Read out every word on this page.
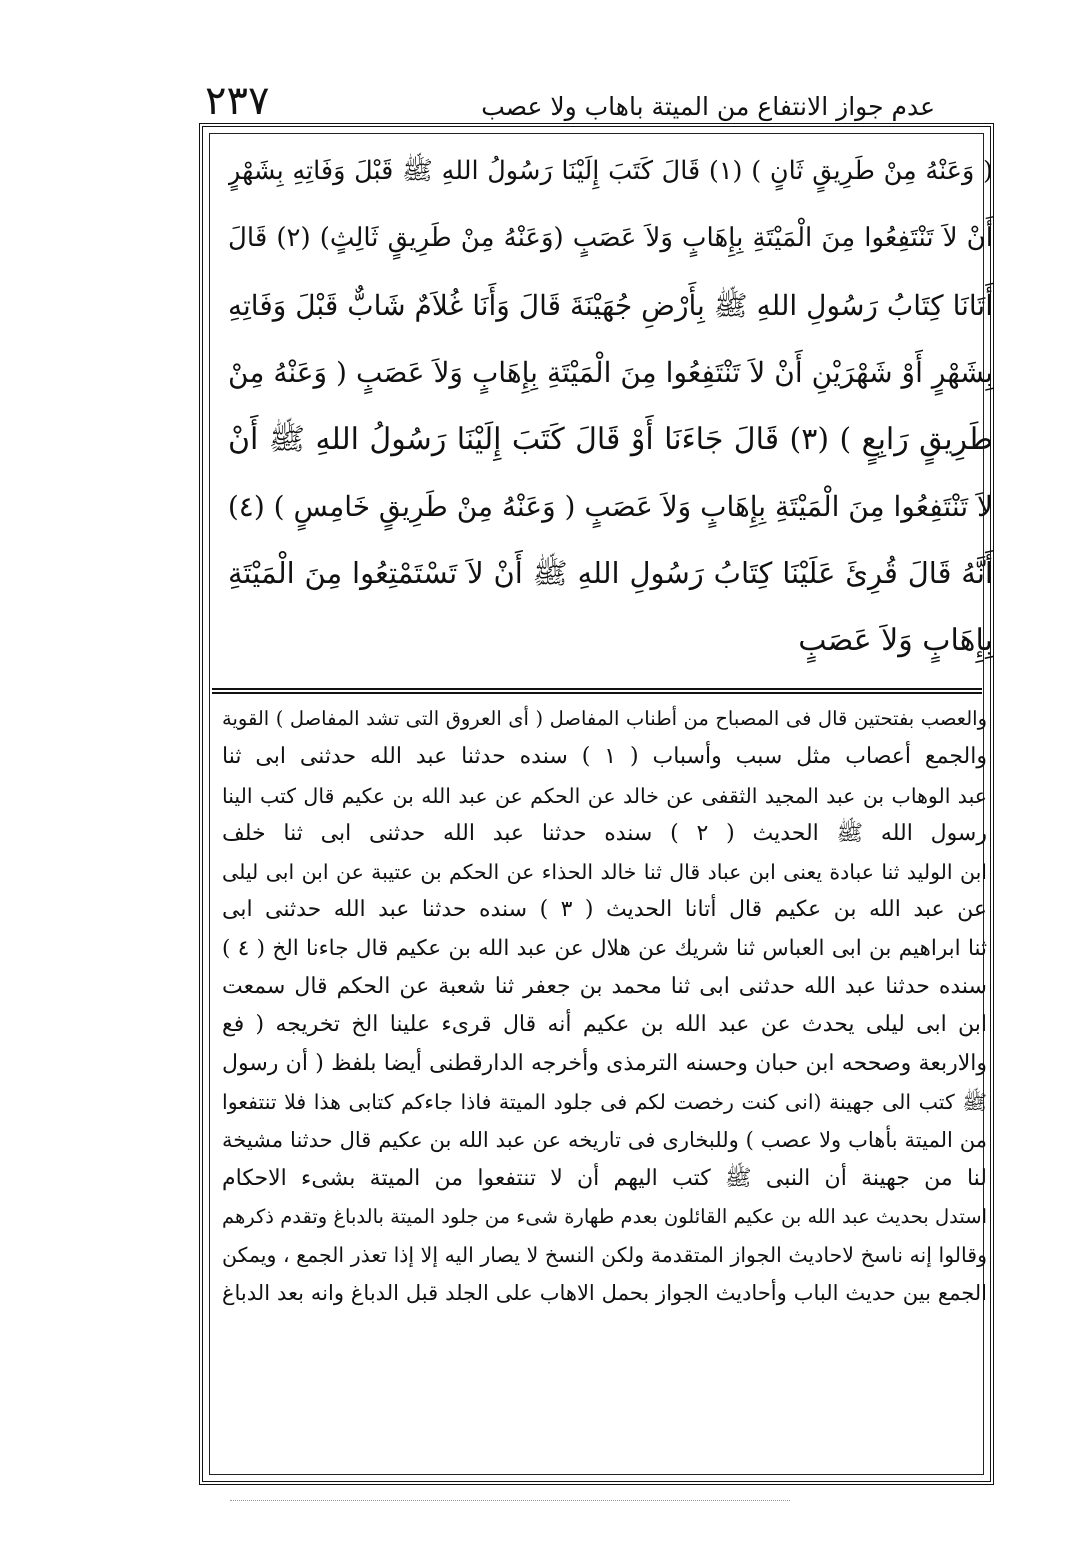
عدم جواز الانتفاع من الميتة باهاب ولا عصب
٢٣٧
( وَعَنْهُ مِنْ طَرِيقٍ ثَانٍ ) (١) قَالَ كَتَبَ إِلَيْنَا رَسُولُ اللهِ ﷺ قَبْلَ وَفَاتِهِ بِشَهْرٍ
أَنْ لاَ تَنْتَفِعُوا مِنَ الْمَيْتَةِ بِإِهَابٍ وَلاَ عَصَبٍ (وَعَنْهُ مِنْ طَرِيقٍ ثَالِثٍ) (٢) قَالَ
أَتَانَا كِتَابُ رَسُولِ اللهِ ﷺ بِأَرْضِ جُهَيْنَةَ قَالَ وَأَنَا غُلاَمٌ شَابٌّ قَبْلَ وَفَاتِهِ
بِشَهْرٍ أَوْ شَهْرَيْنِ أَنْ لاَ تَنْتَفِعُوا مِنَ الْمَيْتَةِ بِإِهَابٍ وَلاَ عَصَبٍ ( وَعَنْهُ مِنْ
طَرِيقٍ رَابِعٍ ) (٣) قَالَ جَاءَنَا أَوْ قَالَ كَتَبَ إِلَيْنَا رَسُولُ اللهِ ﷺ أَنْ
لاَ تَنْتَفِعُوا مِنَ الْمَيْتَةِ بِإِهَابٍ وَلاَ عَصَبٍ ( وَعَنْهُ مِنْ طَرِيقٍ خَامِسٍ ) (٤)
أَنَّهُ قَالَ قُرِئَ عَلَيْنَا كِتَابُ رَسُولِ اللهِ ﷺ أَنْ لاَ تَسْتَمْتِعُوا مِنَ الْمَيْتَةِ
بِإِهَابٍ وَلاَ عَصَبٍ
والعصب بفتحتين قال فى المصباح من أطناب المفاصل ( أى العروق التى تشد المفاصل ) القوية
والجمع أعصاب مثل سبب وأسباب ( ١ ) سنده حدثنا عبد الله حدثنى ابى ثنا
عبد الوهاب بن عبد المجيد الثقفى عن خالد عن الحكم عن عبد الله بن عكيم قال كتب الينا
رسول الله ﷺ الحديث ( ٢ ) سنده حدثنا عبد الله حدثنى ابى ثنا خلف
ابن الوليد ثنا عبادة يعنى ابن عباد قال ثنا خالد الحذاء عن الحكم بن عتيبة عن ابن ابى ليلى
عن عبد الله بن عكيم قال أتانا الحديث ( ٣ ) سنده حدثنا عبد الله حدثنى ابى
ثنا ابراهيم بن ابى العباس ثنا شريك عن هلال عن عبد الله بن عكيم قال جاءنا الخ ( ٤ )
سنده حدثنا عبد الله حدثنى ابى ثنا محمد بن جعفر ثنا شعبة عن الحكم قال سمعت
ابن ابى ليلى يحدث عن عبد الله بن عكيم أنه قال قرىء علينا الخ تخريجه ( فع
والاربعة وصححه ابن حبان وحسنه الترمذى وأخرجه الدارقطنى أيضا بلفظ ( أن رسول
ﷺ كتب الى جهينة (انى كنت رخصت لكم فى جلود الميتة فاذا جاءكم كتابى هذا فلا تنتفعوا
من الميتة بأهاب ولا عصب ) وللبخارى فى تاريخه عن عبد الله بن عكيم قال حدثنا مشيخة
لنا من جهينة أن النبى ﷺ كتب اليهم أن لا تنتفعوا من الميتة بشىء الاحكام
استدل بحديث عبد الله بن عكيم القائلون بعدم طهارة شىء من جلود الميتة بالدباغ وتقدم ذكرهم
وقالوا إنه ناسخ لاحاديث الجواز المتقدمة ولكن النسخ لا يصار اليه إلا إذا تعذر الجمع ، ويمكن
الجمع بين حديث الباب وأحاديث الجواز بحمل الاهاب على الجلد قبل الدباغ وانه بعد الدباغ
